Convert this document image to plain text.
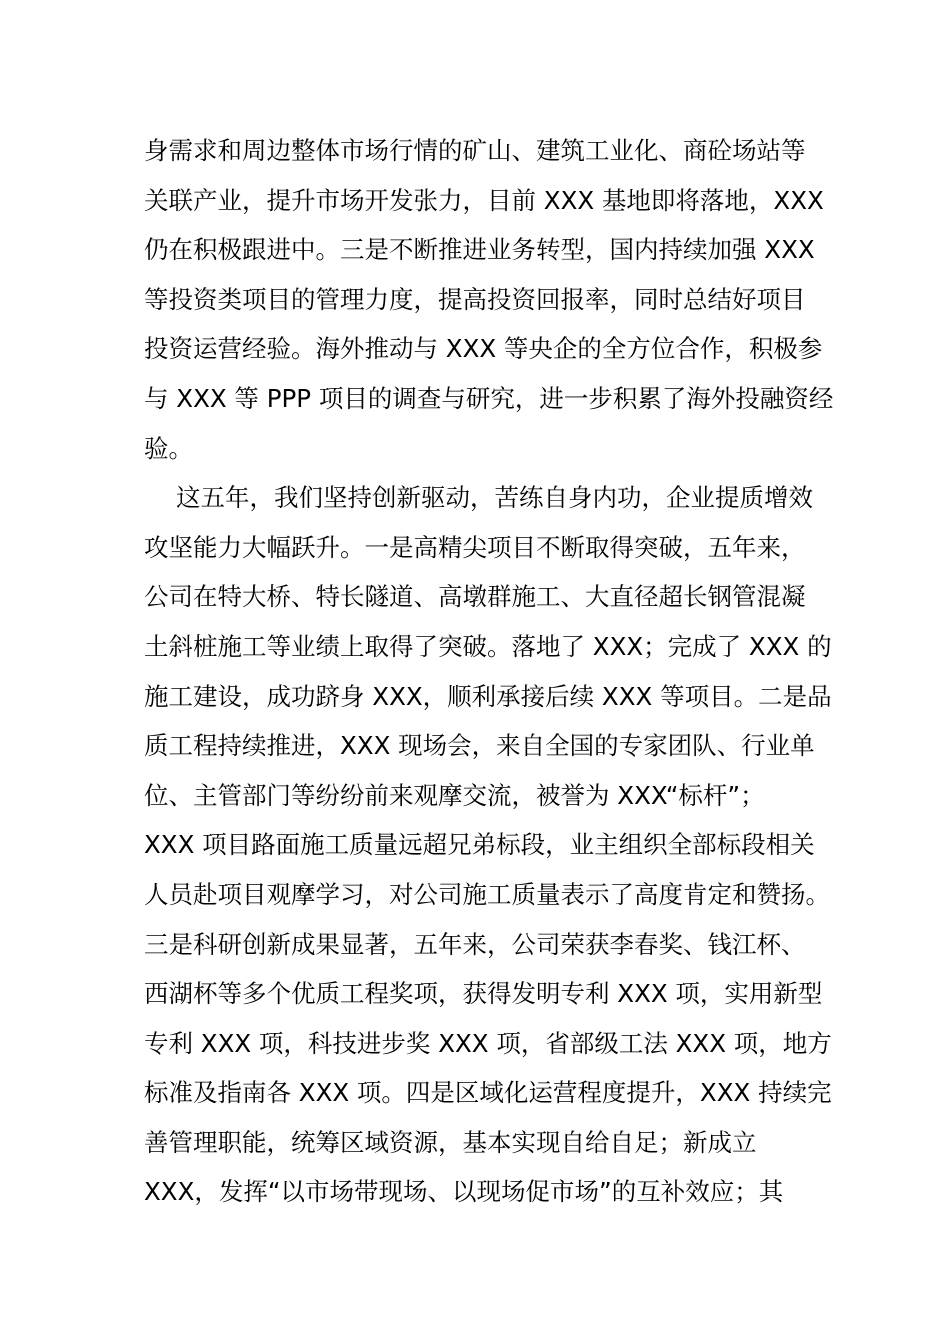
身需求和周边整体市场行情的矿山、建筑工业化、商砼场站等
关联产业，提升市场开发张力，目前 XXX 基地即将落地，XXX
仍在积极跟进中。三是不断推进业务转型，国内持续加强 XXX
等投资类项目的管理力度，提高投资回报率，同时总结好项目
投资运营经验。海外推动与 XXX 等央企的全方位合作，积极参
与 XXX 等 PPP 项目的调查与研究，进一步积累了海外投融资经
验。
这五年，我们坚持创新驱动，苦练自身内功，企业提质增效
攻坚能力大幅跃升。一是高精尖项目不断取得突破，五年来，
公司在特大桥、特长隧道、高墩群施工、大直径超长钢管混凝
土斜桩施工等业绩上取得了突破。落地了 XXX；完成了 XXX 的
施工建设，成功跻身 XXX，顺利承接后续 XXX 等项目。二是品
质工程持续推进，XXX 现场会，来自全国的专家团队、行业单
位、主管部门等纷纷前来观摩交流，被誉为 XXX“标杆”；
XXX 项目路面施工质量远超兄弟标段，业主组织全部标段相关
人员赴项目观摩学习，对公司施工质量表示了高度肯定和赞扬。
三是科研创新成果显著，五年来，公司荣获李春奖、钱江杯、
西湖杯等多个优质工程奖项，获得发明专利 XXX 项，实用新型
专利 XXX 项，科技进步奖 XXX 项，省部级工法 XXX 项，地方
标准及指南各 XXX 项。四是区域化运营程度提升，XXX 持续完
善管理职能，统筹区域资源，基本实现自给自足；新成立
XXX，发挥“以市场带现场、以现场促市场”的互补效应；其
